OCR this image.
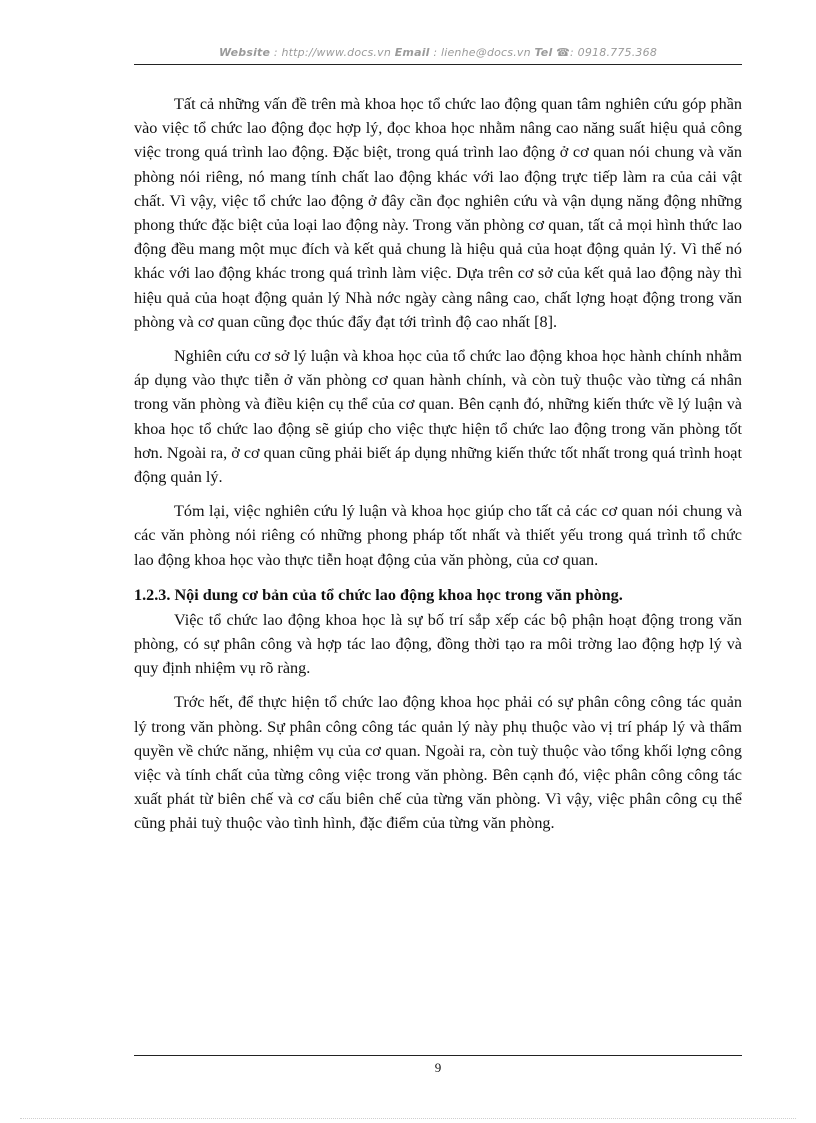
Website : http://www.docs.vn Email : lienhe@docs.vn Tel ☎: 0918.775.368

Tất cả những vấn đề trên mà khoa học tổ chức lao động quan tâm nghiên cứu góp phần vào việc tổ chức lao động đọc hợp lý, đọc khoa học nhằm nâng cao năng suất hiệu quả công việc trong quá trình lao động. Đặc biệt, trong quá trình lao động ở cơ quan nói chung và văn phòng nói riêng, nó mang tính chất lao động khác với lao động trực tiếp làm ra của cải vật chất. Vì vậy, việc tổ chức lao động ở đây cần đọc nghiên cứu và vận dụng năng động những phong thức đặc biệt của loại lao động này. Trong văn phòng cơ quan, tất cả mọi hình thức lao động đều mang một mục đích và kết quả chung là hiệu quả của hoạt động quản lý. Vì thế nó khác với lao động khác trong quá trình làm việc. Dựa trên cơ sở của kết quả lao động này thì hiệu quả của hoạt động quản lý Nhà nớc ngày càng nâng cao, chất lợng hoạt động trong văn phòng và cơ quan cũng đọc thúc đẩy đạt tới trình độ cao nhất [8].

Nghiên cứu cơ sở lý luận và khoa học của tổ chức lao động khoa học hành chính nhằm áp dụng vào thực tiễn ở văn phòng cơ quan hành chính, và còn tuỳ thuộc vào từng cá nhân trong văn phòng và điều kiện cụ thể của cơ quan. Bên cạnh đó, những kiến thức về lý luận và khoa học tổ chức lao động sẽ giúp cho việc thực hiện tổ chức lao động trong văn phòng tốt hơn. Ngoài ra, ở cơ quan cũng phải biết áp dụng những kiến thức tốt nhất trong quá trình hoạt động quản lý.

Tóm lại, việc nghiên cứu lý luận và khoa học giúp cho tất cả các cơ quan nói chung và các văn phòng nói riêng có những phong pháp tốt nhất và thiết yếu trong quá trình tổ chức lao động khoa học vào thực tiễn hoạt động của văn phòng, của cơ quan.

1.2.3. Nội dung cơ bản của tổ chức lao động khoa học trong văn phòng.

Việc tổ chức lao động khoa học là sự bố trí sắp xếp các bộ phận hoạt động trong văn phòng, có sự phân công và hợp tác lao động, đồng thời tạo ra môi trờng lao động hợp lý và quy định nhiệm vụ rõ ràng.

Trớc hết, để thực hiện tổ chức lao động khoa học phải có sự phân công công tác quản lý trong văn phòng. Sự phân công công tác quản lý này phụ thuộc vào vị trí pháp lý và thẩm quyền về chức năng, nhiệm vụ của cơ quan. Ngoài ra, còn tuỳ thuộc vào tổng khối lợng công việc và tính chất của từng công việc trong văn phòng. Bên cạnh đó, việc phân công công tác xuất phát từ biên chế và cơ cấu biên chế của từng văn phòng. Vì vậy, việc phân công cụ thể cũng phải tuỳ thuộc vào tình hình, đặc điểm của từng văn phòng.

9
